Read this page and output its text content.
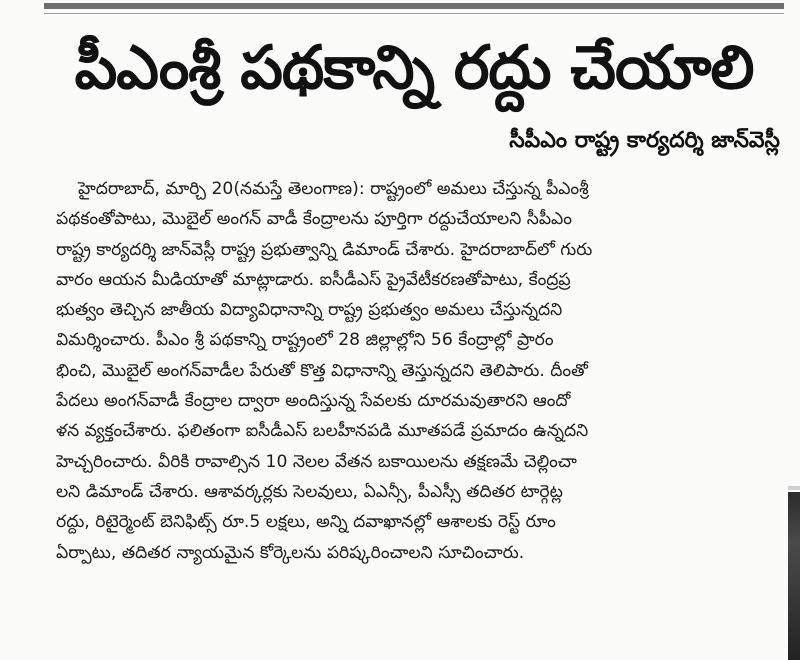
పీఎంశ్రీ పథకాన్ని రద్దు చేయాలి
సీపీఎం రాష్ట్ర కార్యదర్శి జాన్‌వెస్లీ
హైదరాబాద్‌, మార్చి 20(నమస్తే తెలంగాణ): రాష్ట్రంలో అమలు చేస్తున్న పీఎంశ్రీ
పథకంతోపాటు, మొబైల్‌ అంగన్‌ వాడీ కేంద్రాలను పూర్తిగా రద్దుచేయాలని సీపీఎం
రాష్ట్ర కార్యదర్శి జాన్‌వెస్లీ రాష్ట్ర ప్రభుత్వాన్ని డిమాండ్‌ చేశారు. హైదరాబాద్‌లో గురు
వారం ఆయన మీడియాతో మాట్లాడారు. ఐసీడీఎస్‌ ప్రైవేటీకరణతోపాటు, కేంద్రప్ర
భుత్వం తెచ్చిన జాతీయ విద్యావిధానాన్ని రాష్ట్ర ప్రభుత్వం అమలు చేస్తున్నదని
విమర్శించారు. పీఎం శ్రీ పథకాన్ని రాష్ట్రంలో 28 జిల్లాల్లోని 56 కేంద్రాల్లో ప్రారం
భించి, మొబైల్‌ అంగన్‌వాడీల పేరుతో కొత్త విధానాన్ని తెస్తున్నదని తెలిపారు. దీంతో
పేదలు అంగన్‌వాడీ కేంద్రాల ద్వారా అందిస్తున్న సేవలకు దూరమవుతారని ఆందో
ళన వ్యక్తంచేశారు. ఫలితంగా ఐసీడీఎస్‌ బలహీనపడి మూతపడే ప్రమాదం ఉన్నదని
హెచ్చరించారు. వీరికి రావాల్సిన 10 నెలల వేతన బకాయిలను తక్షణమే చెల్లించా
లని డిమాండ్‌ చేశారు. ఆశావర్కర్లకు సెలవులు, ఏఎన్సీ, పీఎస్సీ తదితర టార్గెట్ల
రద్దు, రిటైర్మెంట్‌ బెనిఫిట్స్‌ రూ.5 లక్షలు, అన్ని దవాఖానల్లో ఆశాలకు రెస్ట్‌ రూం
ఏర్పాటు, తదితర న్యాయమైన కోర్కెలను పరిష్కరించాలని సూచించారు.
